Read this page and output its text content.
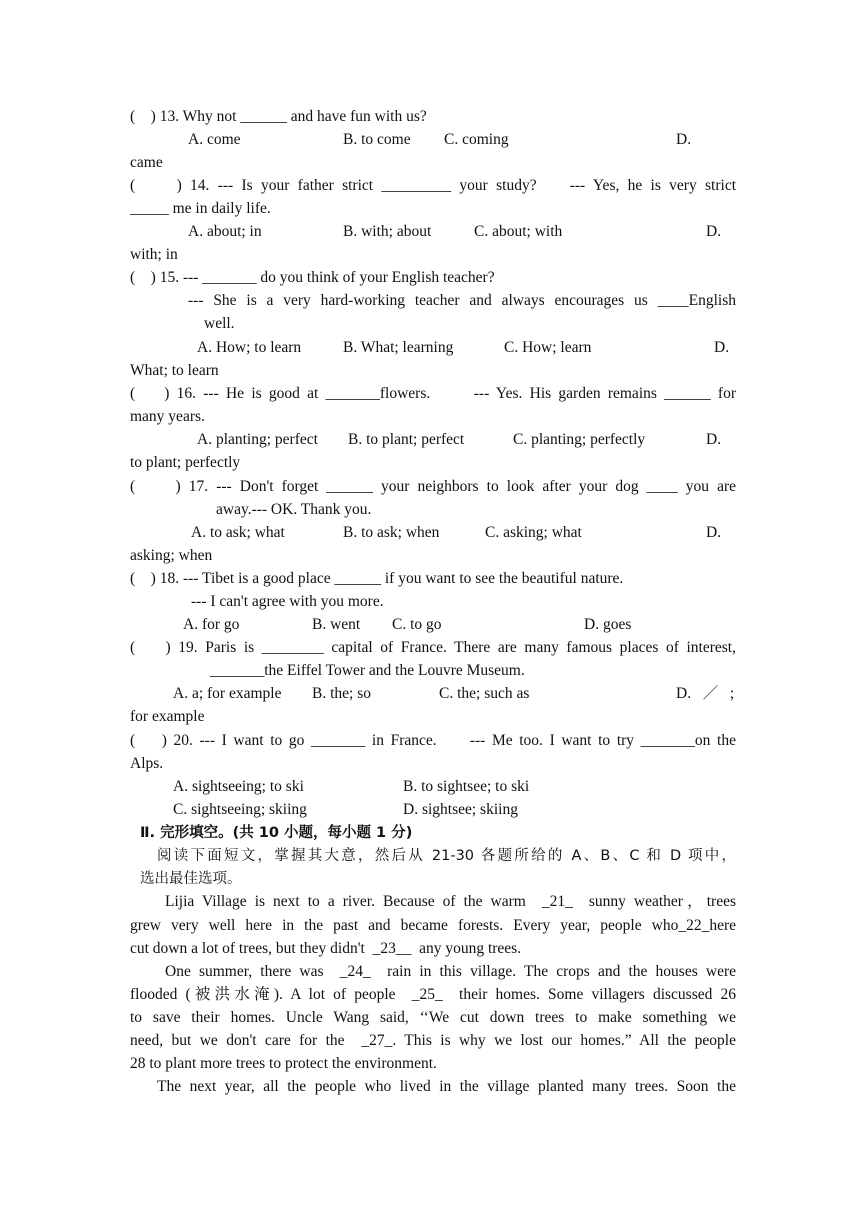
(    ) 13. Why not ______ and have fun with us?
A. come	B. to come C. coming	D.
came
(     ) 14. --- Is your father strict _________ your study?    --- Yes, he is very strict
_____ me in daily life.
A. about; in	B. with; about	C. about; with	D.
with; in
(    ) 15. --- _______ do you think of your English teacher?
--- She is a very hard-working teacher and always encourages us ____English
well.
A. How; to learn	B. What; learning	C. How; learn	D.
What; to learn
(    ) 16. --- He is good at _______flowers.      --- Yes. His garden remains ______ for
many years.
A. planting; perfect B. to plant; perfect	C. planting; perfectly	D.
to plant; perfectly
(     ) 17. --- Don't forget ______ your neighbors to look after your dog ____ you are
away.--- OK. Thank you.
A. to ask; what	B. to ask; when	C. asking; what	D.
asking; when
(    ) 18. --- Tibet is a good place ______ if you want to see the beautiful nature.
--- I can't agree with you more.
A. for go	B. went C. to go	D. goes
(    ) 19. Paris is ________ capital of France. There are many famous places of interest,
_______the Eiffel Tower and the Louvre Museum.
A. a; for example B. the; so	C. the; such as	D.   ／   ;
for example
(    ) 20. --- I want to go _______ in France.     --- Me too. I want to try _______on the
Alps.
A. sightseeing; to ski	B. to sightsee; to ski
C. sightseeing; skiing	D. sightsee; skiing
Ⅱ. 完形填空。(共 10 小题，每小题 1 分)
阅读下面短文，掌握其大意，然后从 21-30 各题所给的 A、B、C 和 D 项中，
选出最佳选项。
Lijia Village is next to a river. Because of the warm  _21_  sunny weather，trees
grew very well here in the past and became forests. Every year, people who_22_here
cut down a lot of trees, but they didn't  _23__  any young trees.
One summer, there was  _24_  rain in this village. The crops and the houses were
flooded (被洪水淹). A lot of people  _25_  their homes. Some villagers discussed 26
to save their homes. Uncle Wang said, ‘‘We cut down trees to make something we
need, but we don't care for the  _27_. This is why we lost our homes.” All the people
28 to plant more trees to protect the environment.
The next year, all the people who lived in the village planted many trees. Soon the
